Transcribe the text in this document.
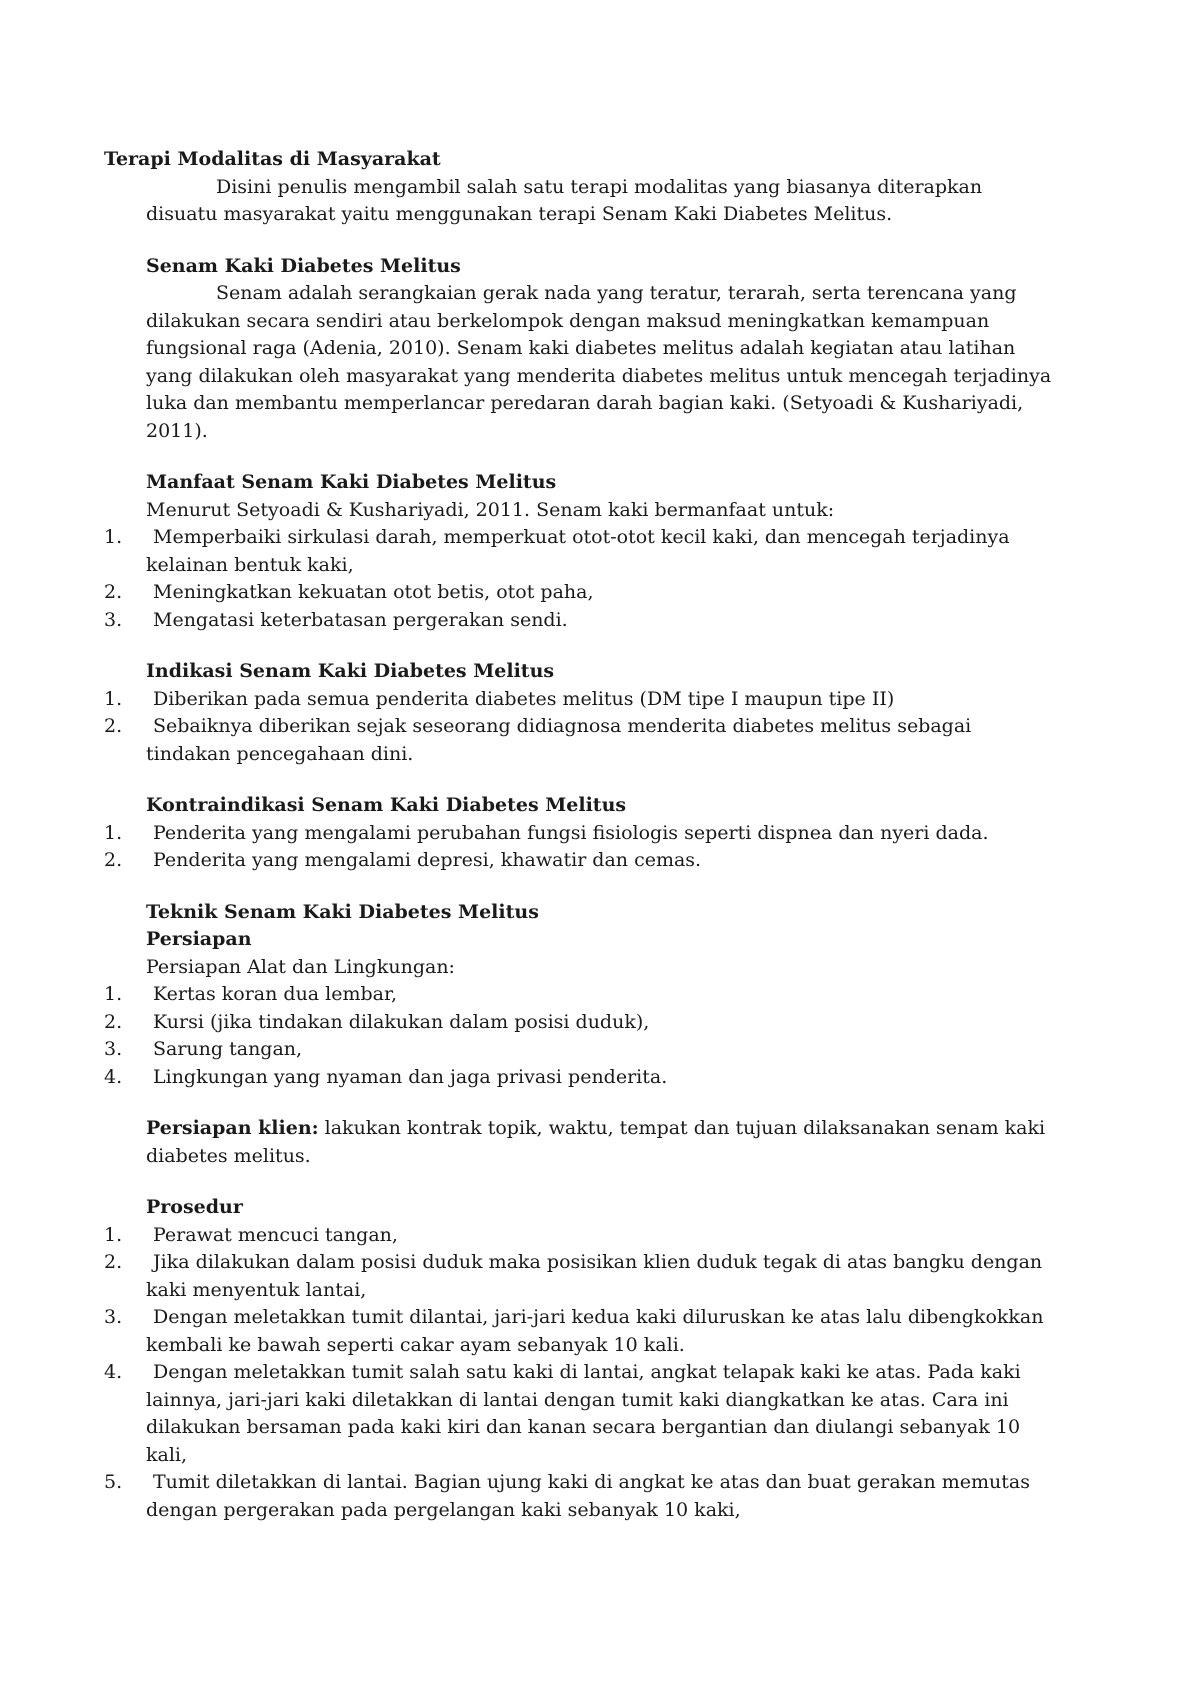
Terapi Modalitas di Masyarakat

Disini penulis mengambil salah satu terapi modalitas yang biasanya diterapkan

disuatu masyarakat yaitu menggunakan terapi Senam Kaki Diabetes Melitus.

Senam Kaki Diabetes Melitus

Senam adalah serangkaian gerak nada yang teratur, terarah, serta terencana yang

dilakukan secara sendiri atau berkelompok dengan maksud meningkatkan kemampuan

fungsional raga (Adenia, 2010). Senam kaki diabetes melitus adalah kegiatan atau latihan

yang dilakukan oleh masyarakat yang menderita diabetes melitus untuk mencegah terjadinya

luka dan membantu memperlancar peredaran darah bagian kaki. (Setyoadi & Kushariyadi,

2011).

Manfaat Senam Kaki Diabetes Melitus

Menurut Setyoadi & Kushariyadi, 2011. Senam kaki bermanfaat untuk:

1.	Memperbaiki sirkulasi darah, memperkuat otot-otot kecil kaki, dan mencegah terjadinya
kelainan bentuk kaki,
2.	Meningkatkan kekuatan otot betis, otot paha,
3.	Mengatasi keterbatasan pergerakan sendi.

Indikasi Senam Kaki Diabetes Melitus

1.	Diberikan pada semua penderita diabetes melitus (DM tipe I maupun tipe II)
2.	Sebaiknya diberikan sejak seseorang didiagnosa menderita diabetes melitus sebagai
tindakan pencegahaan dini.

Kontraindikasi Senam Kaki Diabetes Melitus

1.	Penderita yang mengalami perubahan fungsi fisiologis seperti dispnea dan nyeri dada.
2.	Penderita yang mengalami depresi, khawatir dan cemas.

Teknik Senam Kaki Diabetes Melitus

Persiapan

Persiapan Alat dan Lingkungan:

1.	Kertas koran dua lembar,
2.	Kursi (jika tindakan dilakukan dalam posisi duduk),
3.	Sarung tangan,
4.	Lingkungan yang nyaman dan jaga privasi penderita.

Persiapan klien: lakukan kontrak topik, waktu, tempat dan tujuan dilaksanakan senam kaki

diabetes melitus.

Prosedur

1.	Perawat mencuci tangan,
2.	Jika dilakukan dalam posisi duduk maka posisikan klien duduk tegak di atas bangku dengan
kaki menyentuk lantai,
3.	Dengan meletakkan tumit dilantai, jari-jari kedua kaki diluruskan ke atas lalu dibengkokkan
kembali ke bawah seperti cakar ayam sebanyak 10 kali.
4.	Dengan meletakkan tumit salah satu kaki di lantai, angkat telapak kaki ke atas. Pada kaki
lainnya, jari-jari kaki diletakkan di lantai dengan tumit kaki diangkatkan ke atas. Cara ini
dilakukan bersaman pada kaki kiri dan kanan secara bergantian dan diulangi sebanyak 10
kali,
5.	Tumit diletakkan di lantai. Bagian ujung kaki di angkat ke atas dan buat gerakan memutas
dengan pergerakan pada pergelangan kaki sebanyak 10 kaki,
